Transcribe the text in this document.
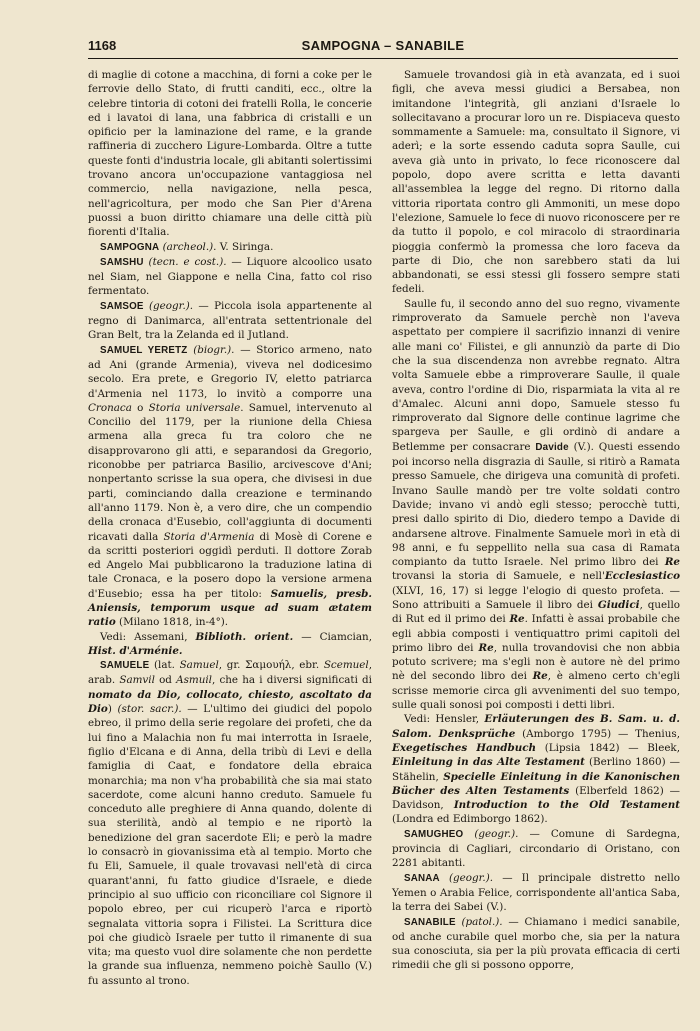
1168	SAMPOGNA – SANABILE

di maglie di cotone a macchina, di forni a coke per le ferrovie dello Stato, di frutti canditi, ecc., oltre la celebre tintoria di cotoni dei fratelli Rolla, le concerie ed i lavatoi di lana, una fabbrica di cristalli e un opificio per la laminazione del rame, e la grande raffineria di zucchero Ligure-Lombarda. Oltre a tutte queste fonti d'industria locale, gli abitanti solertissimi trovano ancora un'occupazione vantaggiosa nel commercio, nella navigazione, nella pesca, nell'agricoltura, per modo che San Pier d'Arena puossi a buon diritto chiamare una delle città più fiorenti d'Italia.

SAMPOGNA (archeol.). V. Siringa.

SAMSHU (tecn. e cost.). — Liquore alcoolico usato nel Siam, nel Giappone e nella Cina, fatto col riso fermentato.

SAMSOE (geogr.). — Piccola isola appartenente al regno di Danimarca, all'entrata settentrionale del Gran Belt, tra la Zelanda ed il Jutland.

SAMUEL YERETZ (biogr.). — Storico armeno, nato ad Ani (grande Armenia), viveva nel dodicesimo secolo. Era prete, e Gregorio IV, eletto patriarca d'Armenia nel 1173, lo invitò a comporre una Cronaca o Storia universale. Samuel, intervenuto al Concilio del 1179, per la riunione della Chiesa armena alla greca fu tra coloro che ne disapprovarono gli atti, e separandosi da Gregorio, riconobbe per patriarca Basilio, arcivescove d'Ani; nonpertanto scrisse la sua opera, che divisesi in due parti, cominciando dalla creazione e terminando all'anno 1179. Non è, a vero dire, che un compendio della cronaca d'Eusebio, coll'aggiunta di documenti ricavati dalla Storia d'Armenia di Mosè di Corene e da scritti posteriori oggidì perduti. Il dottore Zorab ed Angelo Mai pubblicarono la traduzione latina di tale Cronaca, e la posero dopo la versione armena d'Eusebio; essa ha per titolo: Samuelis, presb. Aniensis, temporum usque ad suam ætatem ratio (Milano 1818, in-4°).

Vedi: Assemani, Biblioth. orient. — Ciamcian, Hist. d'Arménie.

SAMUELE (lat. Samuel, gr. Σαμουήλ, ebr. Scemuel, arab. Samvil od Asmuil, che ha i diversi significati di nomato da Dio, collocato, chiesto, ascoltato da Dio) (stor. sacr.). — L'ultimo dei giudici del popolo ebreo, il primo della serie regolare dei profeti, che da lui fino a Malachia non fu mai interrotta in Israele, figlio d'Elcana e di Anna, della tribù di Levi e della famiglia di Caat, e fondatore della ebraica monarchia; ma non v'ha probabilità che sia mai stato sacerdote, come alcuni hanno creduto. Samuele fu conceduto alle preghiere di Anna quando, dolente di sua sterilità, andò al tempio e ne riportò la benedizione del gran sacerdote Eli; e però la madre lo consacrò in giovanissima età al tempio. Morto che fu Eli, Samuele, il quale trovavasi nell'età di circa quarant'anni, fu fatto giudice d'Israele, e diede principio al suo ufficio con riconciliare col Signore il popolo ebreo, per cui ricuperò l'arca e riportò segnalata vittoria sopra i Filistei. La Scrittura dice poi che giudicò Israele per tutto il rimanente di sua vita; ma questo vuol dire solamente che non perdette la grande sua influenza, nemmeno poichè Saullo (V.) fu assunto al trono.

Samuele trovandosi già in età avanzata, ed i suoi figli, che aveva messi giudici a Bersabea, non imitandone l'integrità, gli anziani d'Israele lo sollecitavano a procurar loro un re. Dispiaceva questo sommamente a Samuele: ma, consultato il Signore, vi aderì; e la sorte essendo caduta sopra Saulle, cui aveva già unto in privato, lo fece riconoscere dal popolo, dopo avere scritta e letta davanti all'assemblea la legge del regno. Di ritorno dalla vittoria riportata contro gli Ammoniti, un mese dopo l'elezione, Samuele lo fece di nuovo riconoscere per re da tutto il popolo, e col miracolo di straordinaria pioggia confermò la promessa che loro faceva da parte di Dio, che non sarebbero stati da lui abbandonati, se essi stessi gli fossero sempre stati fedeli.

Saulle fu, il secondo anno del suo regno, vivamente rimproverato da Samuele perchè non l'aveva aspettato per compiere il sacrifizio innanzi di venire alle mani co' Filistei, e gli annunziò da parte di Dio che la sua discendenza non avrebbe regnato. Altra volta Samuele ebbe a rimproverare Saulle, il quale aveva, contro l'ordine di Dio, risparmiata la vita al re d'Amalec. Alcuni anni dopo, Samuele stesso fu rimproverato dal Signore delle continue lagrime che spargeva per Saulle, e gli ordinò di andare a Betlemme per consacrare Davide (V.). Questi essendo poi incorso nella disgrazia di Saulle, si ritirò a Ramata presso Samuele, che dirigeva una comunità di profeti. Invano Saulle mandò per tre volte soldati contro Davide; invano vi andò egli stesso; perocchè tutti, presi dallo spirito di Dio, diedero tempo a Davide di andarsene altrove. Finalmente Samuele morì in età di 98 anni, e fu seppellito nella sua casa di Ramata compianto da tutto Israele. Nel primo libro dei Re trovansi la storia di Samuele, e nell'Ecclesiastico (XLVI, 16, 17) si legge l'elogio di questo profeta. — Sono attribuiti a Samuele il libro dei Giudici, quello di Rut ed il primo dei Re. Infatti è assai probabile che egli abbia composti i ventiquattro primi capitoli del primo libro dei Re, nulla trovandovisi che non abbia potuto scrivere; ma s'egli non è autore nè del primo nè del secondo libro dei Re, è almeno certo ch'egli scrisse memorie circa gli avvenimenti del suo tempo, sulle quali sonosi poi composti i detti libri.

Vedi: Hensler, Erläuterungen des B. Sam. u. d. Salom. Denksprüche (Amborgo 1795) — Thenius, Exegetisches Handbuch (Lipsia 1842) — Bleek, Einleitung in das Alte Testament (Berlino 1860) — Stähelin, Specielle Einleitung in die Kanonischen Bücher des Alten Testaments (Elberfeld 1862) — Davidson, Introduction to the Old Testament (Londra ed Edimborgo 1862).

SAMUGHEO (geogr.). — Comune di Sardegna, provincia di Cagliari, circondario di Oristano, con 2281 abitanti.

SANAA (geogr.). — Il principale distretto nello Yemen o Arabia Felice, corrispondente all'antica Saba, la terra dei Sabei (V.).

SANABILE (patol.). — Chiamano i medici sanabile, od anche curabile quel morbo che, sia per la natura sua conosciuta, sia per la più provata efficacia di certi rimedii che gli si possono opporre,
